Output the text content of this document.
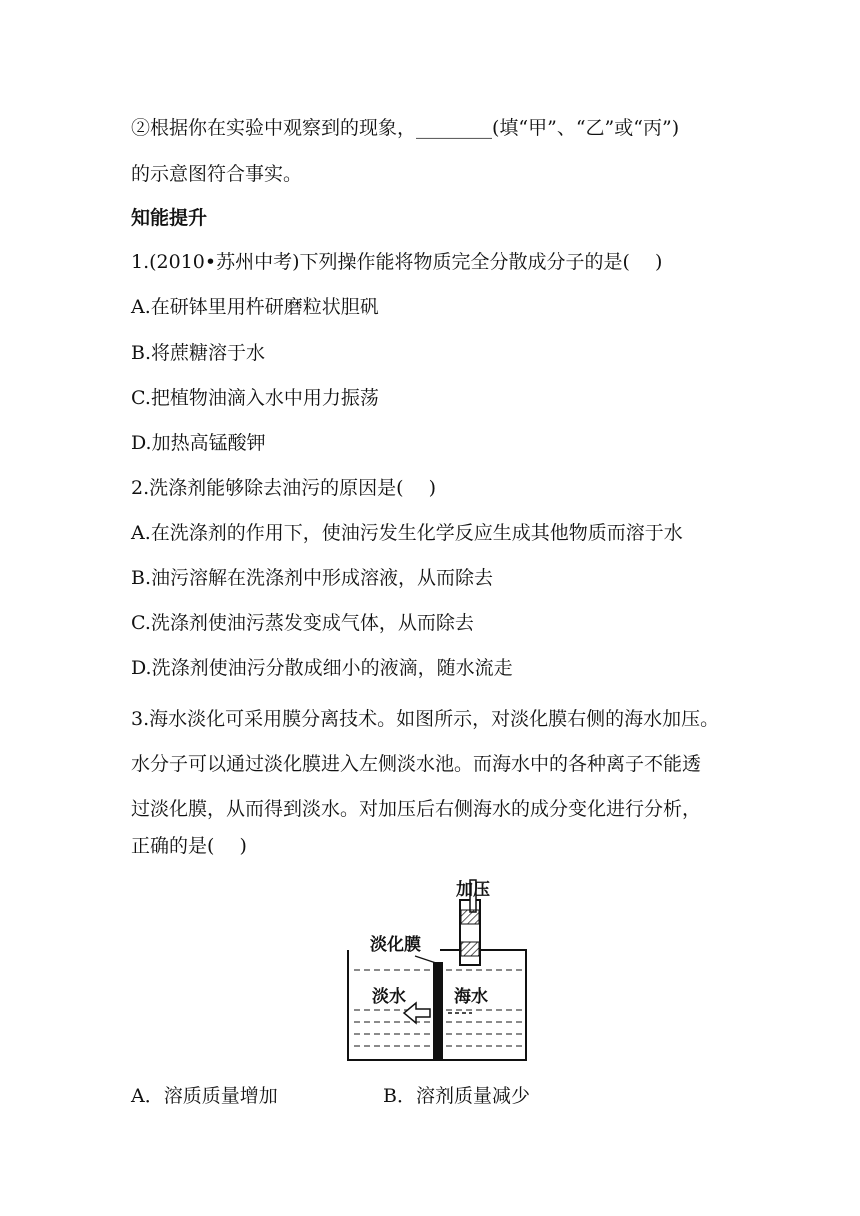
②根据你在实验中观察到的现象，________(填“甲”、“乙”或“丙”)
的示意图符合事实。
知能提升
1.(2010•苏州中考)下列操作能将物质完全分散成分子的是(　 )
A.在研钵里用杵研磨粒状胆矾
B.将蔗糖溶于水
C.把植物油滴入水中用力振荡
D.加热高锰酸钾
2.洗涤剂能够除去油污的原因是(　 )
A.在洗涤剂的作用下，使油污发生化学反应生成其他物质而溶于水
B.油污溶解在洗涤剂中形成溶液，从而除去
C.洗涤剂使油污蒸发变成气体，从而除去
D.洗涤剂使油污分散成细小的液滴，随水流走
3.海水淡化可采用膜分离技术。如图所示，对淡化膜右侧的海水加压。
水分子可以通过淡化膜进入左侧淡水池。而海水中的各种离子不能透
过淡化膜，从而得到淡水。对加压后右侧海水的成分变化进行分析，
正确的是(　 )
加压
淡化膜
淡水	海水
A．溶质质量增加	B．溶剂质量减少
